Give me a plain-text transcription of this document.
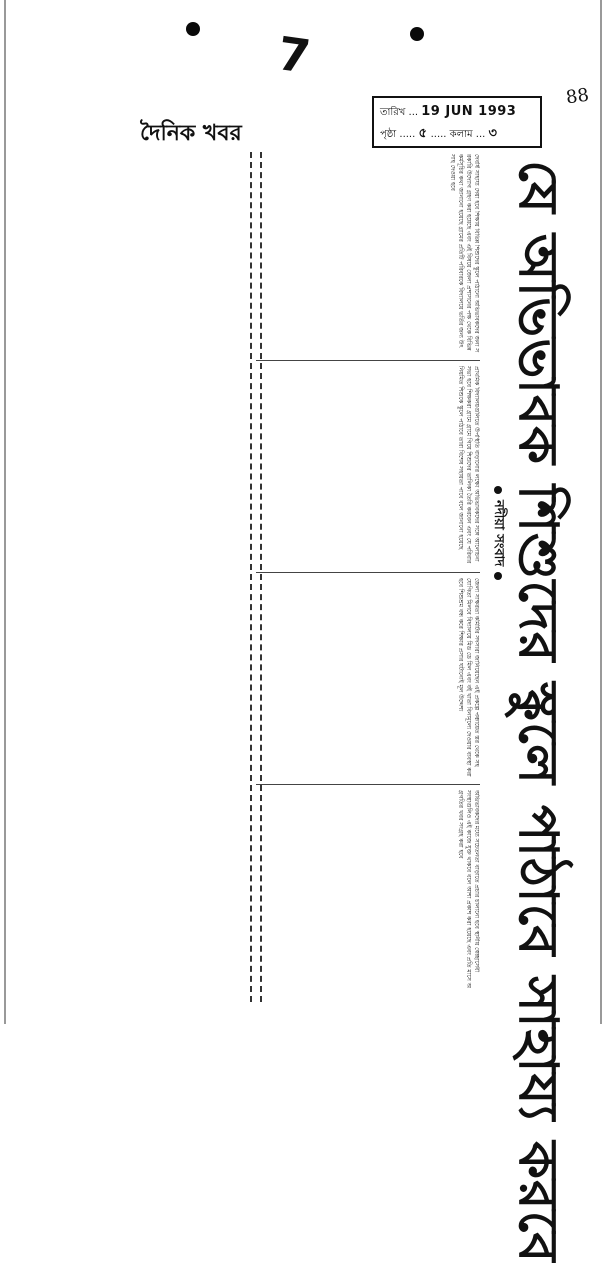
7
88
দৈনিক খবর
তারিখ ... 19 JUN 1993
পৃষ্ঠা ..... ৫ ..... কলাম ... ৩
যে অভিভাবক শিশুদের স্কুলে পাঠাবে সাহায্য করবে
নদীয়া সংবাদ
দেবর্ষি সাহায্য দেয়া হবে শিক্ষায় বিভিন্ন শিশুদের স্কুলে পাঠানো অভিভাবকদের জন্য সরকারি উদ্যোগ গ্রহণ করা হয়েছে এবং এই বিষয়ে জেলা প্রশাসনের পক্ষ থেকে বিভিন্ন কর্মসূচির কথা জানানো হয়েছে গ্রামের প্রতিটি পরিবারকে বিদ্যালয়ে ভর্তির জন্য উৎসাহ দেওয়া হবে
প্রাথমিক বিদ্যালয়গুলিতে উপস্থিতি বাড়ানোর লক্ষ্যে অভিভাবকদের সঙ্গে আলোচনা সভা হবে শিক্ষকরা গ্রামে গ্রামে গিয়ে শিশুদের তালিকা তৈরি করবেন এবং যে পরিবার নিয়মিত শিশুকে স্কুলে পাঠাবে তারা বিশেষ সহায়তা পাবে বলে জানানো হয়েছে
জেলা সাক্ষরতা কমিটির সদস্যরা জানিয়েছেন এই প্রকল্পে পঞ্চায়েত স্তর থেকে সহযোগিতা মিলবে বিদ্যালয়ে মিড ডে মিল এবং বই খাতা বিনামূল্যে দেওয়ার ব্যবস্থা করা হবে শিশুশ্রম বন্ধ করে শিক্ষার প্রসার ঘটানোই মূল উদ্দেশ্য
অভিভাবকদের মধ্যে সচেতনতা বাড়াতে প্রচার চালানো হবে স্থানীয় স্বেচ্ছাসেবী সংস্থাগুলিও এই কাজে যুক্ত থাকবে বলে আশা প্রকাশ করা হয়েছে এবং প্রতি মাসে অগ্রগতির খবর সংগ্রহ করা হবে
